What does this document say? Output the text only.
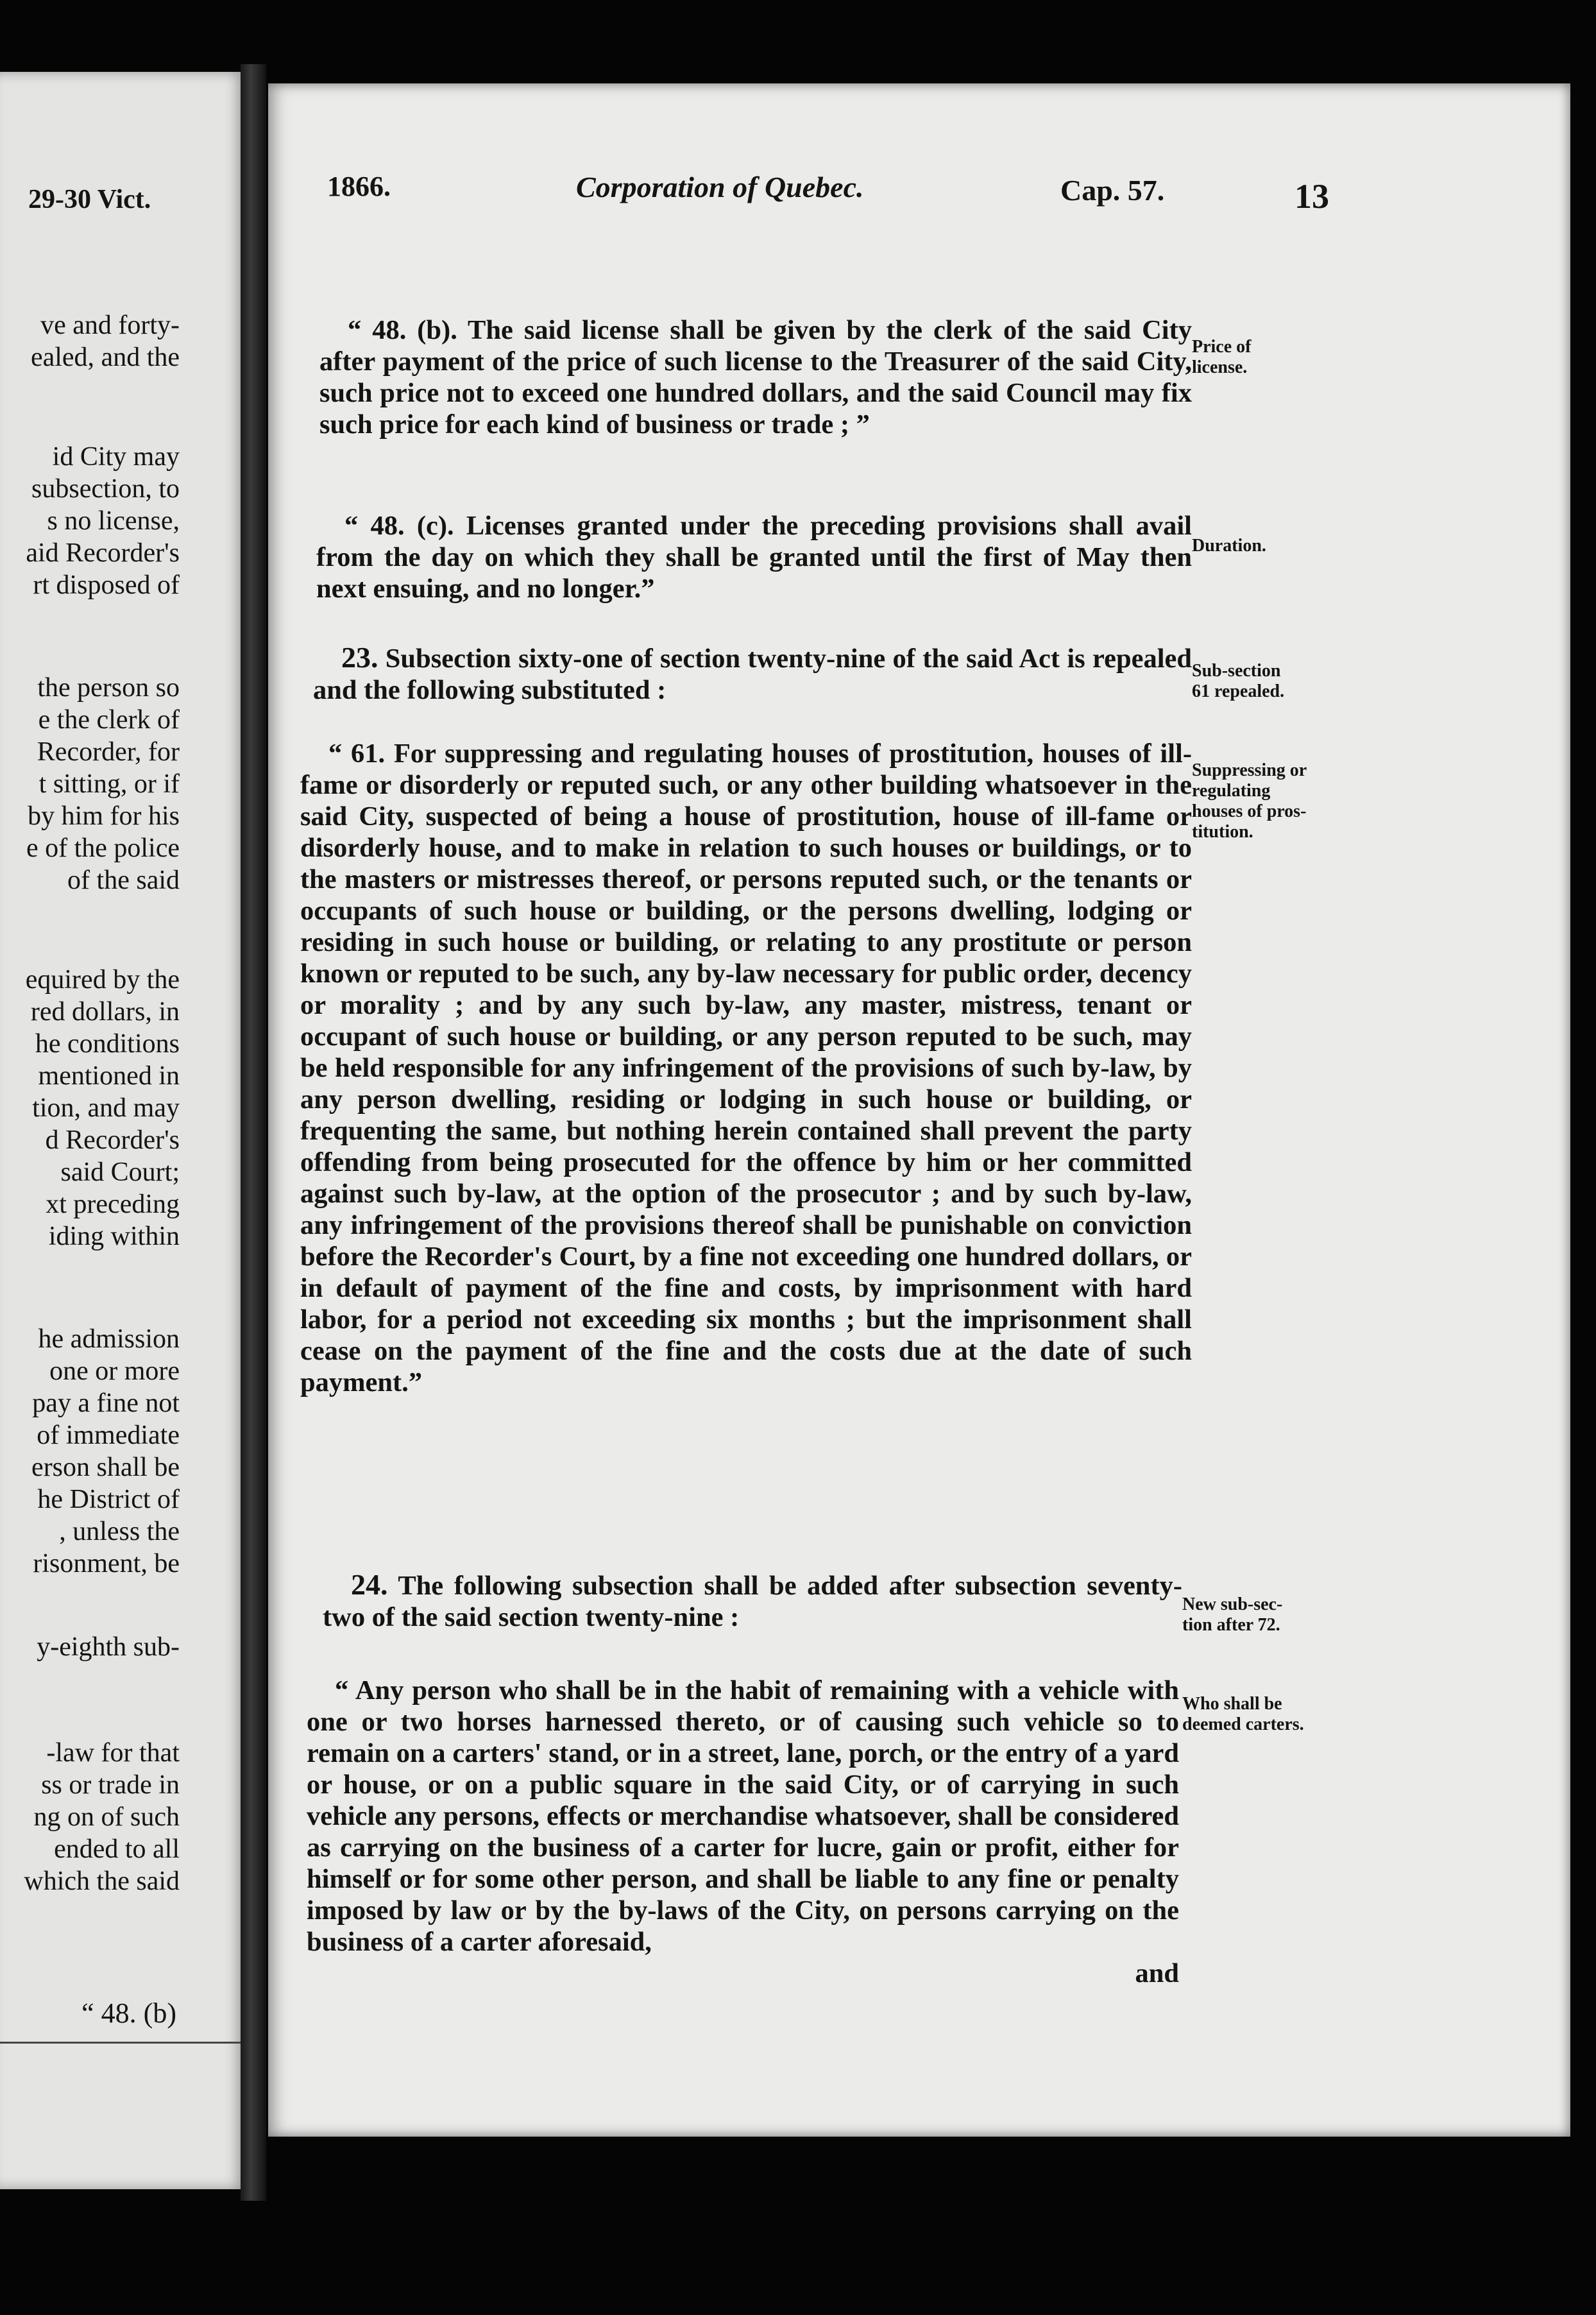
29-30 Vict.

ve and forty-

ealed, and the

id City may

subsection, to

s no license,

aid Recorder's

rt disposed of

the person so

e the clerk of

Recorder, for

t sitting, or if

by him for his

e of the police

of the said

equired by the

red dollars, in

he conditions

mentioned in

tion, and may

d Recorder's

said Court;

xt preceding

iding within

he admission

one or more

pay a fine not

of immediate

erson shall be

he District of

, unless the

risonment, be

y-eighth sub-

-law for that

ss or trade in

ng on of such

ended to all

which the said

“ 48. (b)
1866.	Corporation of Quebec.	Cap. 57.	13

“ 48. (b). The said license shall be given by the clerk of the said City after payment of the price of such license to the Treasurer of the said City, such price not to exceed one hundred dollars, and the said Council may fix such price for each kind of business or trade ; ”

Price of
license.

“ 48. (c). Licenses granted under the preceding provisions shall avail from the day on which they shall be granted until the first of May then next ensuing, and no longer.”

Duration.

23. Subsection sixty-one of section twenty-nine of the said Act is repealed and the following substituted :

Sub-section
61 repealed.

“ 61. For suppressing and regulating houses of prostitution, houses of ill-fame or disorderly or reputed such, or any other building whatsoever in the said City, suspected of being a house of prostitution, house of ill-fame or disorderly house, and to make in relation to such houses or buildings, or to the masters or mistresses thereof, or persons reputed such, or the tenants or occupants of such house or building, or the persons dwelling, lodging or residing in such house or building, or relating to any prostitute or person known or reputed to be such, any by-law necessary for public order, decency or morality ; and by any such by-law, any master, mistress, tenant or occupant of such house or building, or any person reputed to be such, may be held responsible for any infringement of the provisions of such by-law, by any person dwelling, residing or lodging in such house or building, or frequenting the same, but nothing herein contained shall prevent the party offending from being prosecuted for the offence by him or her committed against such by-law, at the option of the prosecutor ; and by such by-law, any infringement of the provisions thereof shall be punishable on conviction before the Recorder's Court, by a fine not exceeding one hundred dollars, or in default of payment of the fine and costs, by imprisonment with hard labor, for a period not exceeding six months ; but the imprisonment shall cease on the payment of the fine and the costs due at the date of such payment.”

Suppressing or
regulating
houses of pros-
titution.

24. The following subsection shall be added after subsection seventy-two of the said section twenty-nine :	New sub-sec-
tion after 72.

“ Any person who shall be in the habit of remaining with a vehicle with one or two horses harnessed thereto, or of causing such vehicle so to remain on a carters' stand, or in a street, lane, porch, or the entry of a yard or house, or on a public square in the said City, or of carrying in such vehicle any persons, effects or merchandise whatsoever, shall be considered as carrying on the business of a carter for lucre, gain or profit, either for himself or for some other person, and shall be liable to any fine or penalty imposed by law or by the by-laws of the City, on persons carrying on the business of a carter aforesaid,

and

Who shall be
deemed carters.
